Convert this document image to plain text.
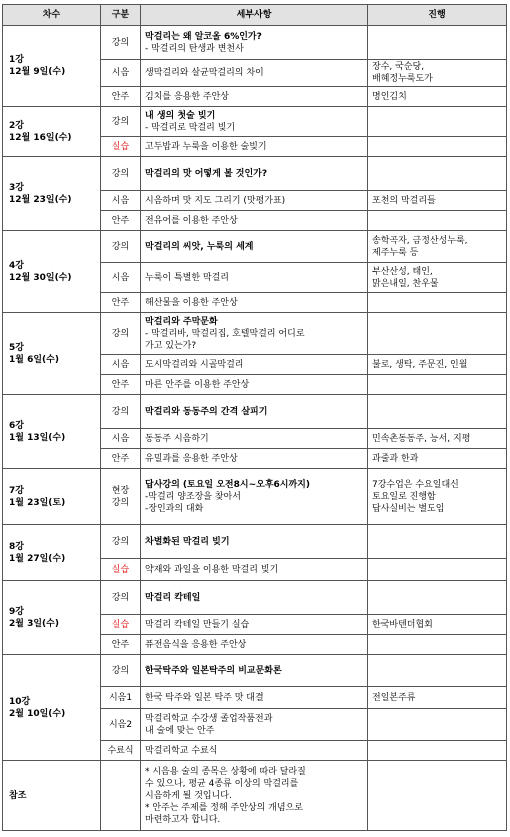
차수	구분	세부사항	진행

1강
12월 9일(수)	강의	막걸리는 왜 알코올 6%인가?
- 막걸리의 탄생과 변천사	

	시음	생막걸리와 살균막걸리의 차이	장수, 국순당,
배혜정누룩도가

	안주	김치를 응용한 주안상	명인김치

2강
12월 16일(수)	강의	내 생의 첫술 빚기
- 막걸리로 막걸리 빚기	

	실습	고두밥과 누룩을 이용한 술빚기	

3강
12월 23일(수)	강의	막걸리의 맛 어떻게 볼 것인가?	

	시음	시음하며 맛 지도 그리기 (맛평가표)	포천의 막걸리들

	안주	전유어를 이용한 주안상	

4강
12월 30일(수)	강의	막걸리의 씨앗, 누룩의 세계	송학곡자, 금정산성누룩,
제주누룩 등

	시음	누룩이 특별한 막걸리	부산산성, 태인,
맑은내일, 찬우물

	안주	해산물을 이용한 주안상	

5강
1월 6일(수)	강의	막걸리와 주막문화
- 막걸리바, 막걸리집, 호텔막걸리 어디로
가고 있는가?	

	시음	도시막걸리와 시골막걸리	불로, 생탁, 주문진, 인월

	안주	마른 안주를 이용한 주안상	

6강
1월 13일(수)	강의	막걸리와 동동주의 간격 살피기	

	시음	동동주 시음하기	민속촌동동주, 능서, 지평

	안주	유밀과를 응용한 주안상	과줄과 한과

7강
1월 23일(토)	현장
강의	답사강의 (토요일 오전8시~오후6시까지)
-막걸리 양조장을 찾아서
-장인과의 대화	7강수업은 수요일대신
토요일로 진행함
답사실비는 별도임

8강
1월 27일(수)	강의	차별화된 막걸리 빚기	

	실습	약재와 과일을 이용한 막걸리 빚기	

9강
2월 3일(수)	강의	막걸리 칵테일	

	실습	막걸리 칵테일 만들기 실습	한국바텐더협회

	안주	퓨전음식을 응용한 주안상	

10강
2월 10일(수)	강의	한국탁주와 일본탁주의 비교문화론	

	시음1	한국 탁주와 일본 탁주 맛 대결	전일본주류

	시음2	막걸리학교 수강생 졸업작품전과
내 술에 맞는 안주	

	수료식	막걸리학교 수료식	

참조		* 시음용 술의 종목은 상황에 따라 달라질
수 있으나, 평균 4종류 이상의 막걸리를
시음하게 될 것입니다.
* 안주는 주제를 정해 주안상의 개념으로
마련하고자 합니다.	
